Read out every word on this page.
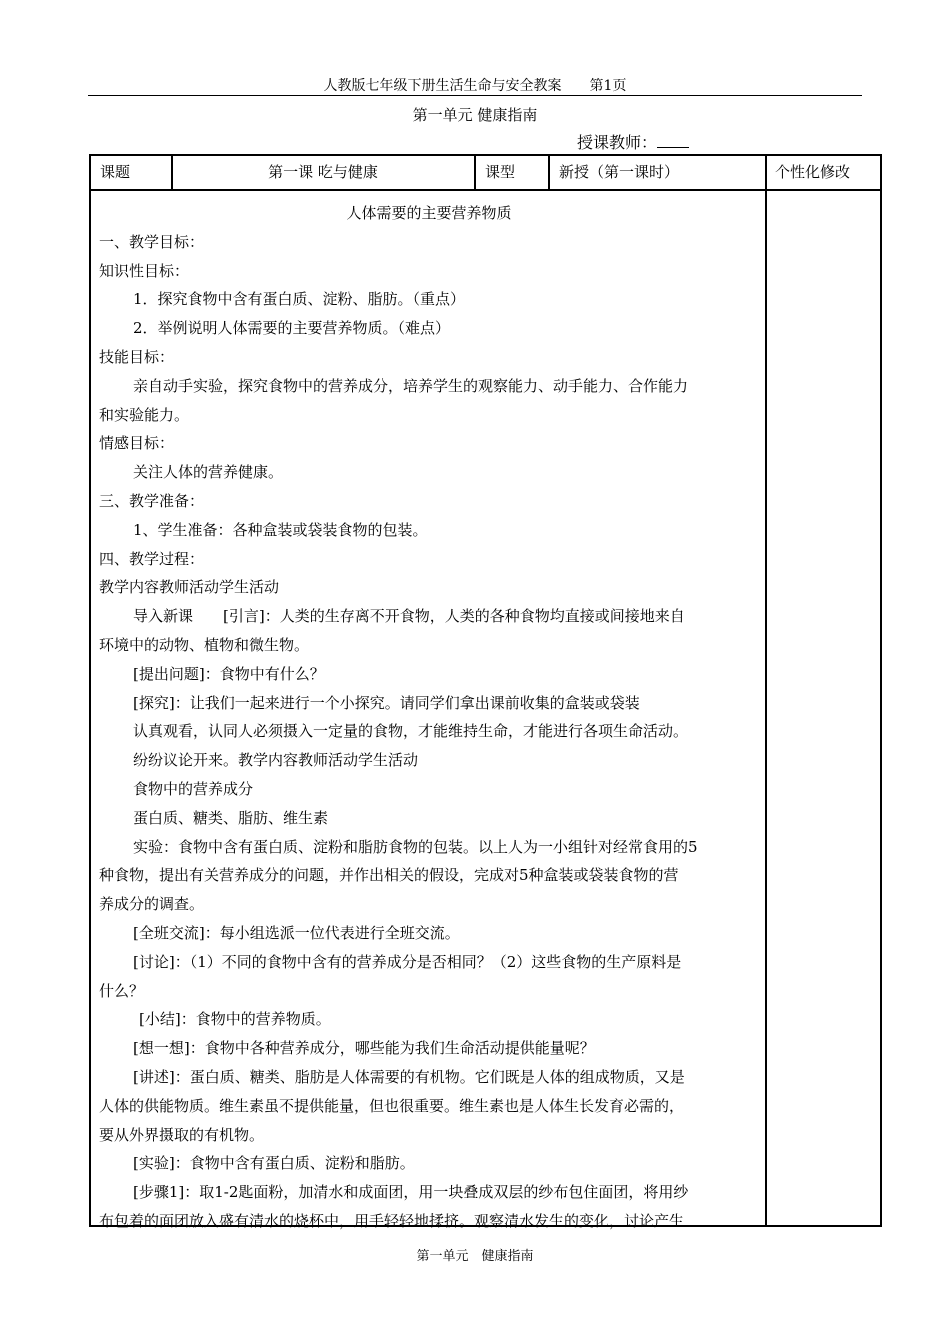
人教版七年级下册生活生命与安全教案　　第1页
第一单元 健康指南
授课教师：
课题	第一课 吃与健康	课型	新授（第一课时）	个性化修改
人体需要的主要营养物质
一、教学目标：
知识性目标：
1．探究食物中含有蛋白质、淀粉、脂肪。（重点）
2．举例说明人体需要的主要营养物质。（难点）
技能目标：
亲自动手实验，探究食物中的营养成分，培养学生的观察能力、动手能力、合作能力
和实验能力。
情感目标：
关注人体的营养健康。
三、教学准备：
1、学生准备：各种盒装或袋装食物的包装。
四、教学过程：
教学内容教师活动学生活动
导入新课　　[引言]：人类的生存离不开食物，人类的各种食物均直接或间接地来自
环境中的动物、植物和微生物。
[提出问题]：食物中有什么？
[探究]：让我们一起来进行一个小探究。请同学们拿出课前收集的盒装或袋装
认真观看，认同人必须摄入一定量的食物，才能维持生命，才能进行各项生命活动。
纷纷议论开来。教学内容教师活动学生活动
食物中的营养成分
蛋白质、糖类、脂肪、维生素
实验：食物中含有蛋白质、淀粉和脂肪食物的包装。以上人为一小组针对经常食用的5
种食物，提出有关营养成分的问题，并作出相关的假设，完成对5种盒装或袋装食物的营
养成分的调查。
[全班交流]：每小组选派一位代表进行全班交流。
[讨论]：（1）不同的食物中含有的营养成分是否相同？（2）这些食物的生产原料是
什么？
[小结]：食物中的营养物质。
[想一想]：食物中各种营养成分，哪些能为我们生命活动提供能量呢？
[讲述]：蛋白质、糖类、脂肪是人体需要的有机物。它们既是人体的组成物质，又是
人体的供能物质。维生素虽不提供能量，但也很重要。维生素也是人体生长发育必需的，
要从外界摄取的有机物。
[实验]：食物中含有蛋白质、淀粉和脂肪。
[步骤1]：取1-2匙面粉，加清水和成面团，用一块叠成双层的纱布包住面团，将用纱
布包着的面团放入盛有清水的烧杯中，用手轻轻地揉挤。观察清水发生的变化，讨论产生
第一单元　健康指南
